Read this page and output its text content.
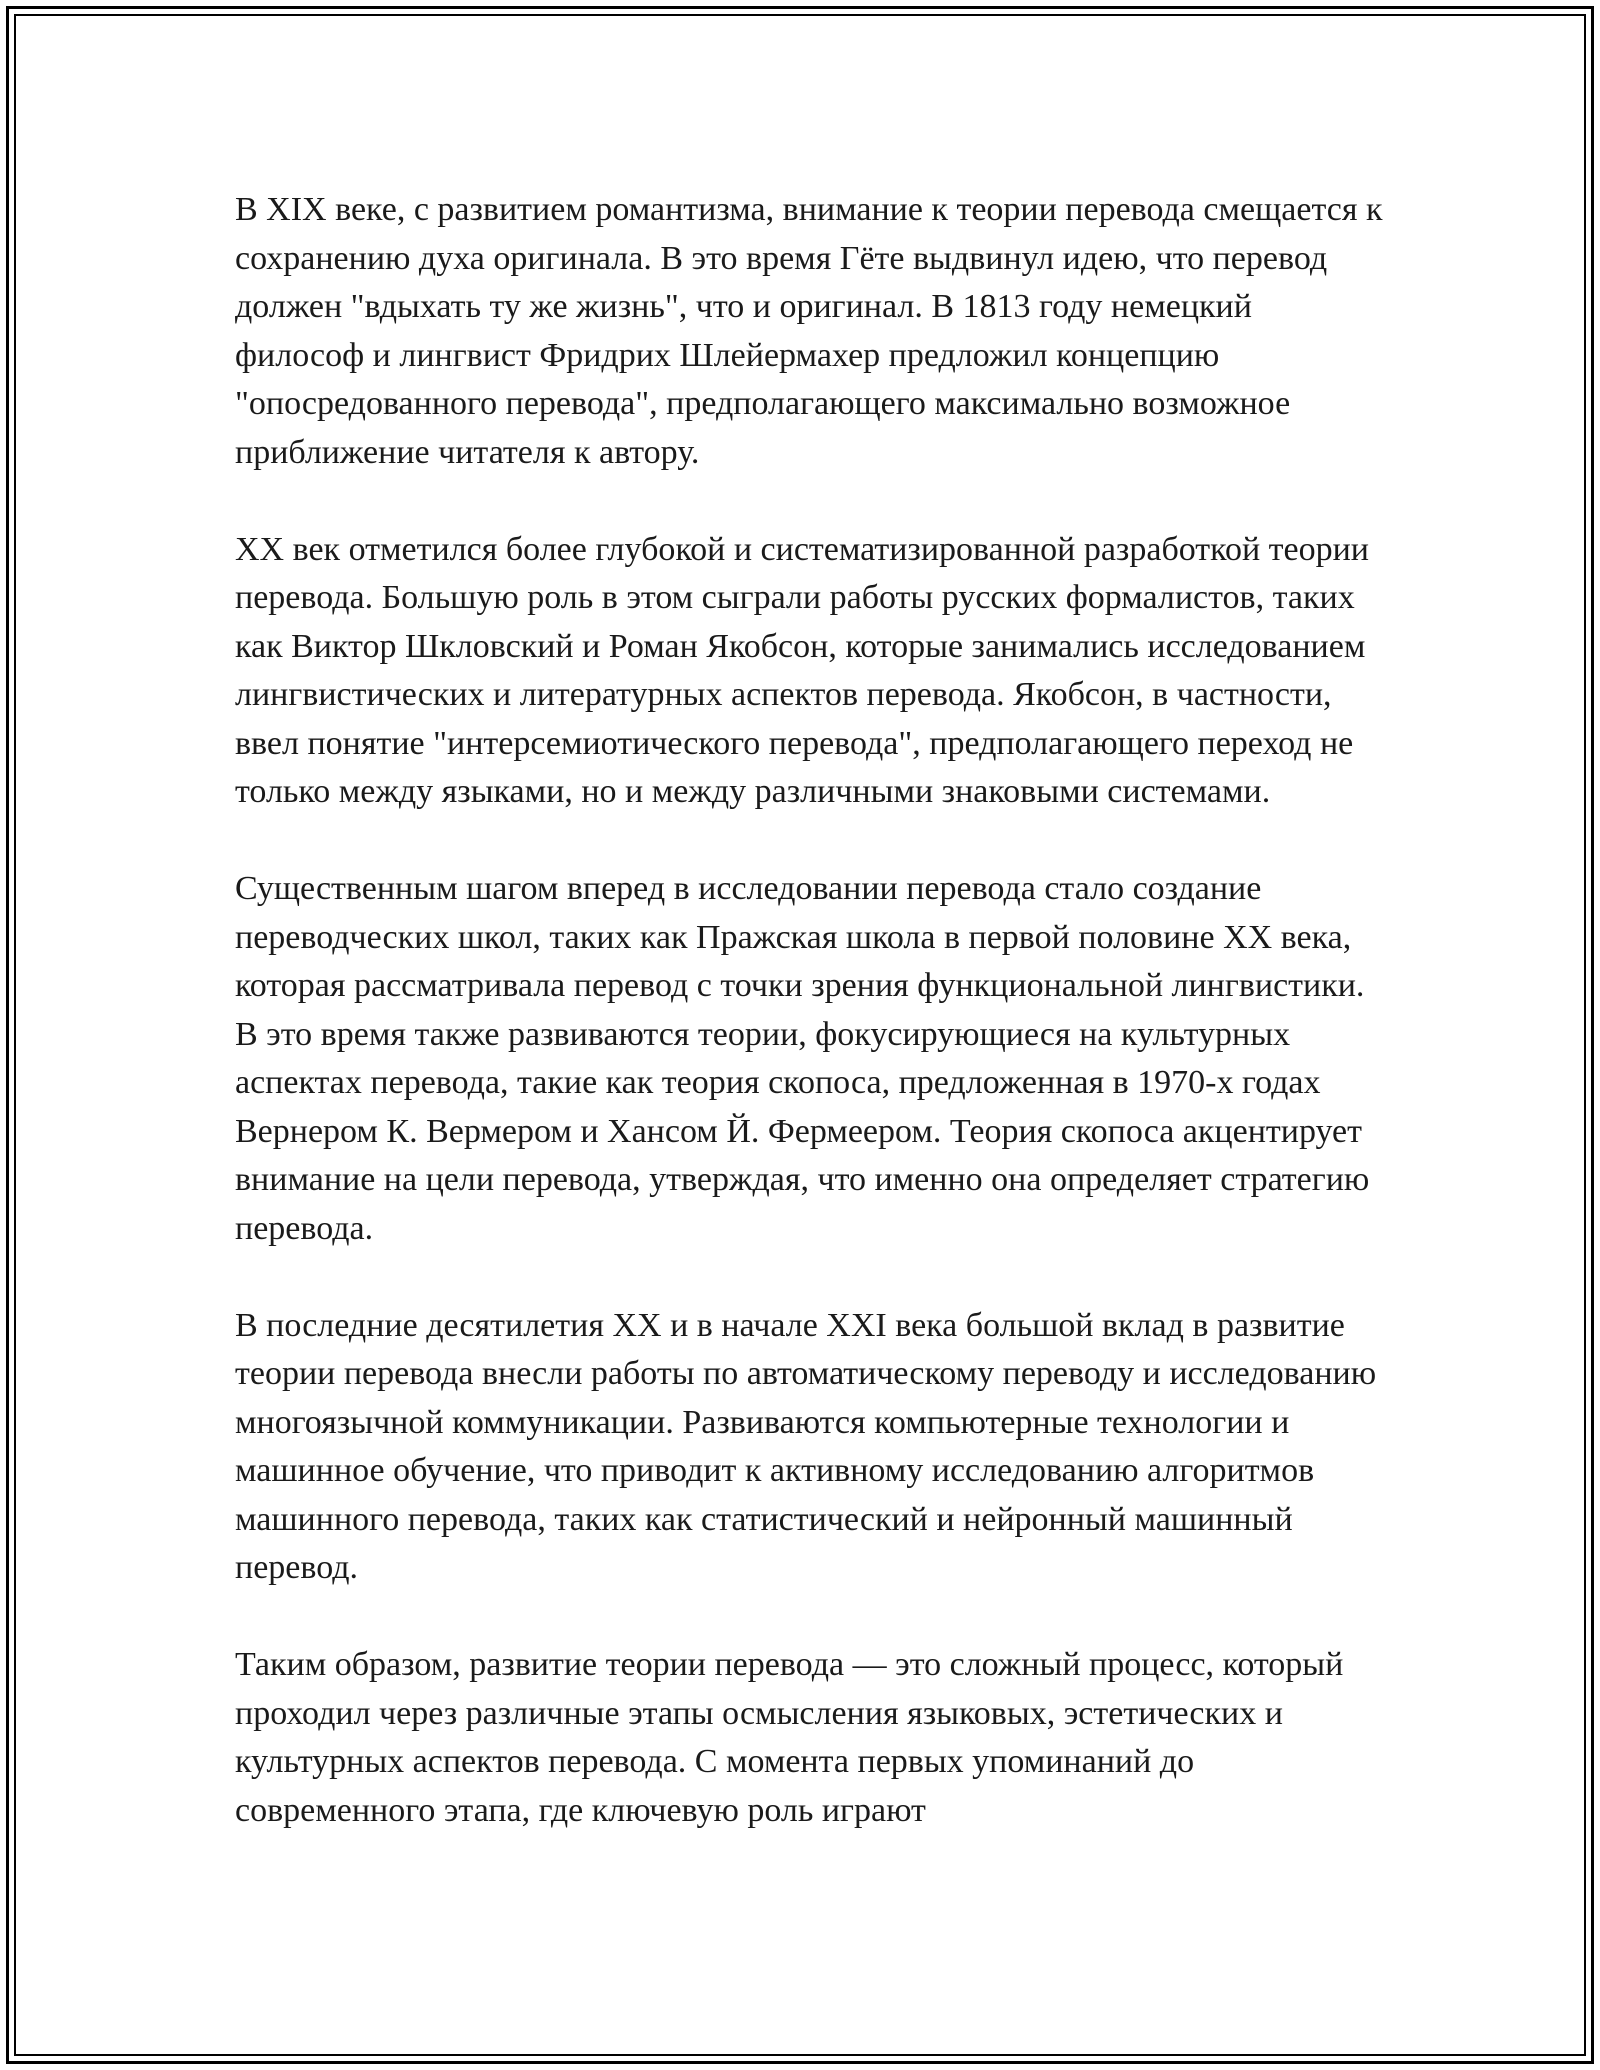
В XIX веке, с развитием романтизма, внимание к теории перевода смещается к сохранению духа оригинала. В это время Гёте выдвинул идею, что перевод должен "вдыхать ту же жизнь", что и оригинал. В 1813 году немецкий философ и лингвист Фридрих Шлейермахер предложил концепцию "опосредованного перевода", предполагающего максимально возможное приближение читателя к автору.

XX век отметился более глубокой и систематизированной разработкой теории перевода. Большую роль в этом сыграли работы русских формалистов, таких как Виктор Шкловский и Роман Якобсон, которые занимались исследованием лингвистических и литературных аспектов перевода. Якобсон, в частности, ввел понятие "интерсемиотического перевода", предполагающего переход не только между языками, но и между различными знаковыми системами.

Существенным шагом вперед в исследовании перевода стало создание переводческих школ, таких как Пражская школа в первой половине XX века, которая рассматривала перевод с точки зрения функциональной лингвистики. В это время также развиваются теории, фокусирующиеся на культурных аспектах перевода, такие как теория скопоса, предложенная в 1970-х годах Вернером К. Вермером и Хансом Й. Фермеером. Теория скопоса акцентирует внимание на цели перевода, утверждая, что именно она определяет стратегию перевода.

В последние десятилетия XX и в начале XXI века большой вклад в развитие теории перевода внесли работы по автоматическому переводу и исследованию многоязычной коммуникации. Развиваются компьютерные технологии и машинное обучение, что приводит к активному исследованию алгоритмов машинного перевода, таких как статистический и нейронный машинный перевод.

Таким образом, развитие теории перевода — это сложный процесс, который проходил через различные этапы осмысления языковых, эстетических и культурных аспектов перевода. С момента первых упоминаний до современного этапа, где ключевую роль играют
